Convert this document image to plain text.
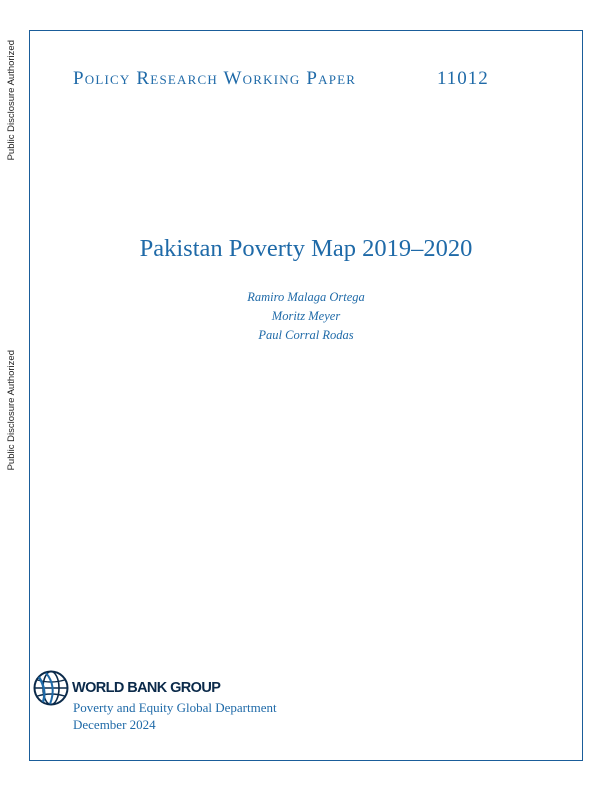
Public Disclosure Authorized
Public Disclosure Authorized
Policy Research Working Paper	11012
Pakistan Poverty Map 2019–2020
Ramiro Malaga Ortega
Moritz Meyer
Paul Corral Rodas
WORLD BANK GROUP
Poverty and Equity Global Department
December 2024
